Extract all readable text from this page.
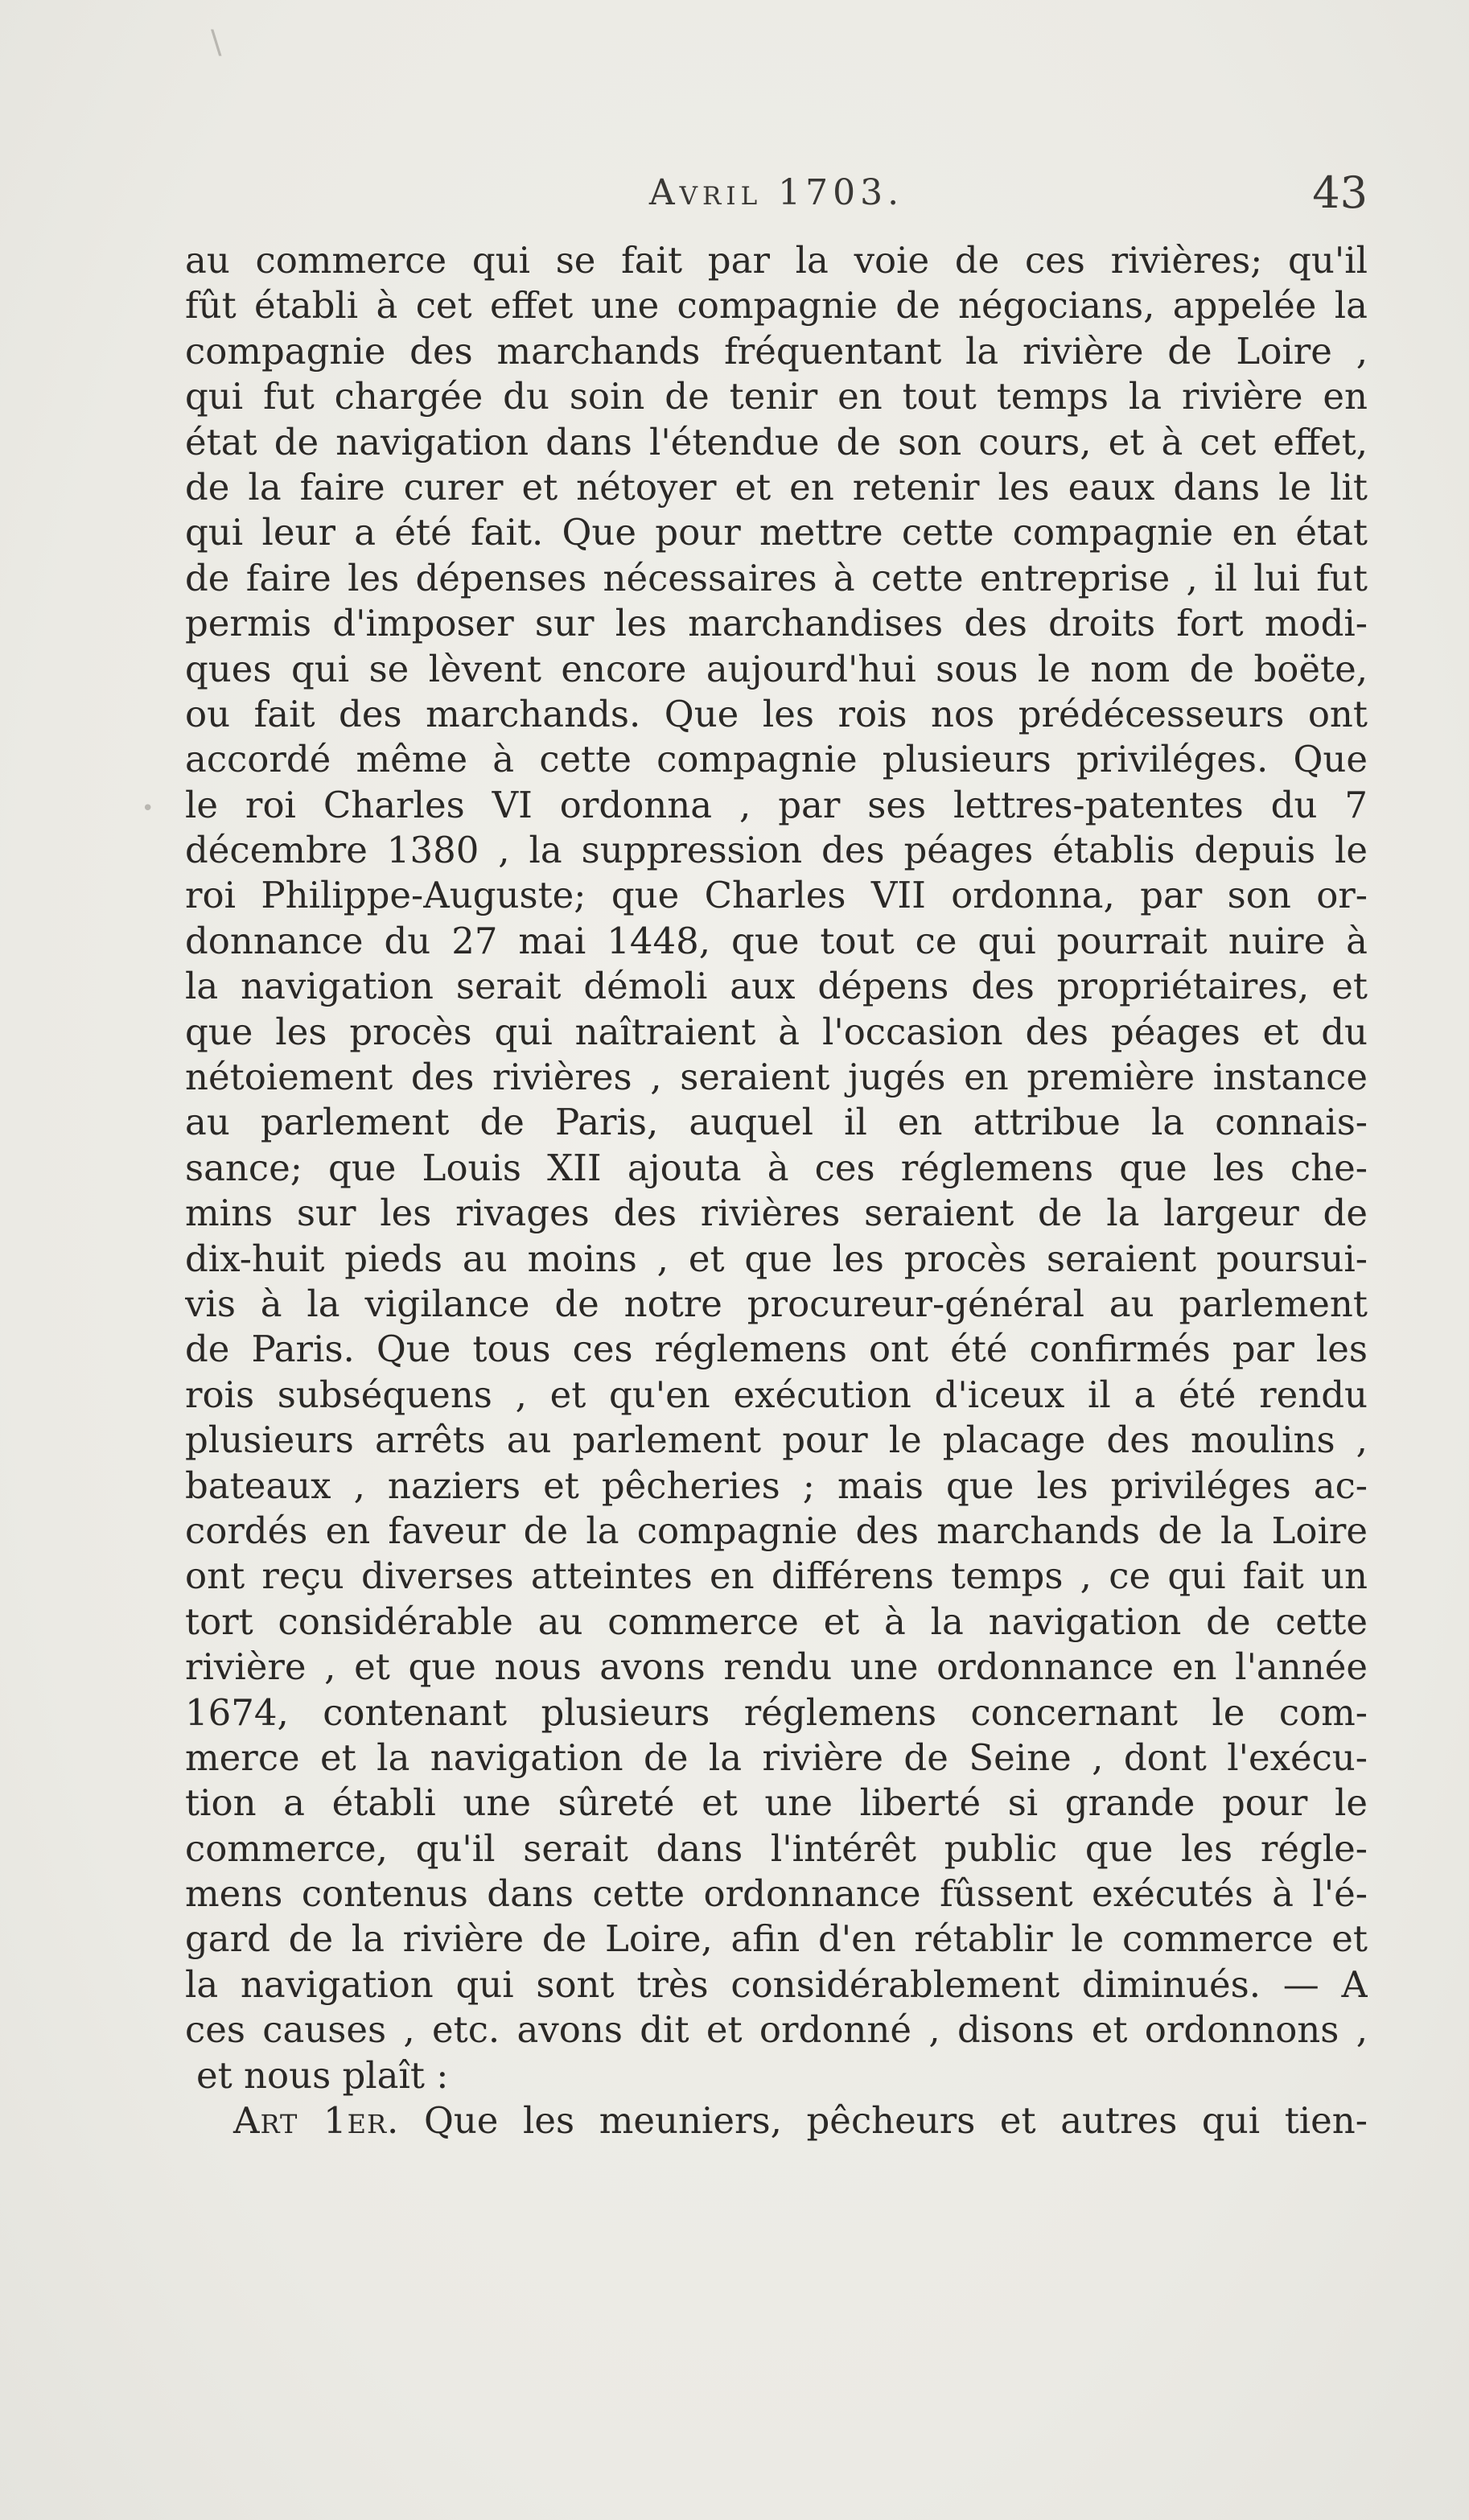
\
•
Avril 1703.	43
au commerce qui se fait par la voie de ces rivières; qu'il
fût établi à cet effet une compagnie de négocians, appelée la
compagnie des marchands fréquentant la rivière de Loire ,
qui fut chargée du soin de tenir en tout temps la rivière en
état de navigation dans l'étendue de son cours, et à cet effet,
de la faire curer et nétoyer et en retenir les eaux dans le lit
qui leur a été fait. Que pour mettre cette compagnie en état
de faire les dépenses nécessaires à cette entreprise , il lui fut
permis d'imposer sur les marchandises des droits fort modi-
ques qui se lèvent encore aujourd'hui sous le nom de boëte,
ou fait des marchands. Que les rois nos prédécesseurs ont
accordé même à cette compagnie plusieurs priviléges. Que
le roi Charles VI ordonna , par ses lettres-patentes du 7
décembre 1380 , la suppression des péages établis depuis le
roi Philippe-Auguste; que Charles VII ordonna, par son or-
donnance du 27 mai 1448, que tout ce qui pourrait nuire à
la navigation serait démoli aux dépens des propriétaires, et
que les procès qui naîtraient à l'occasion des péages et du
nétoiement des rivières , seraient jugés en première instance
au parlement de Paris, auquel il en attribue la connais-
sance; que Louis XII ajouta à ces réglemens que les che-
mins sur les rivages des rivières seraient de la largeur de
dix-huit pieds au moins , et que les procès seraient poursui-
vis à la vigilance de notre procureur-général au parlement
de Paris. Que tous ces réglemens ont été confirmés par les
rois subséquens , et qu'en exécution d'iceux il a été rendu
plusieurs arrêts au parlement pour le placage des moulins ,
bateaux , naziers et pêcheries ; mais que les priviléges ac-
cordés en faveur de la compagnie des marchands de la Loire
ont reçu diverses atteintes en différens temps , ce qui fait un
tort considérable au commerce et à la navigation de cette
rivière , et que nous avons rendu une ordonnance en l'année
1674, contenant plusieurs réglemens concernant le com-
merce et la navigation de la rivière de Seine , dont l'exécu-
tion a établi une sûreté et une liberté si grande pour le
commerce, qu'il serait dans l'intérêt public que les régle-
mens contenus dans cette ordonnance fûssent exécutés à l'é-
gard de la rivière de Loire, afin d'en rétablir le commerce et
la navigation qui sont très considérablement diminués. — A
ces causes , etc. avons dit et ordonné , disons et ordonnons ,
et nous plaît :
Art 1er. Que les meuniers, pêcheurs et autres qui tien-
